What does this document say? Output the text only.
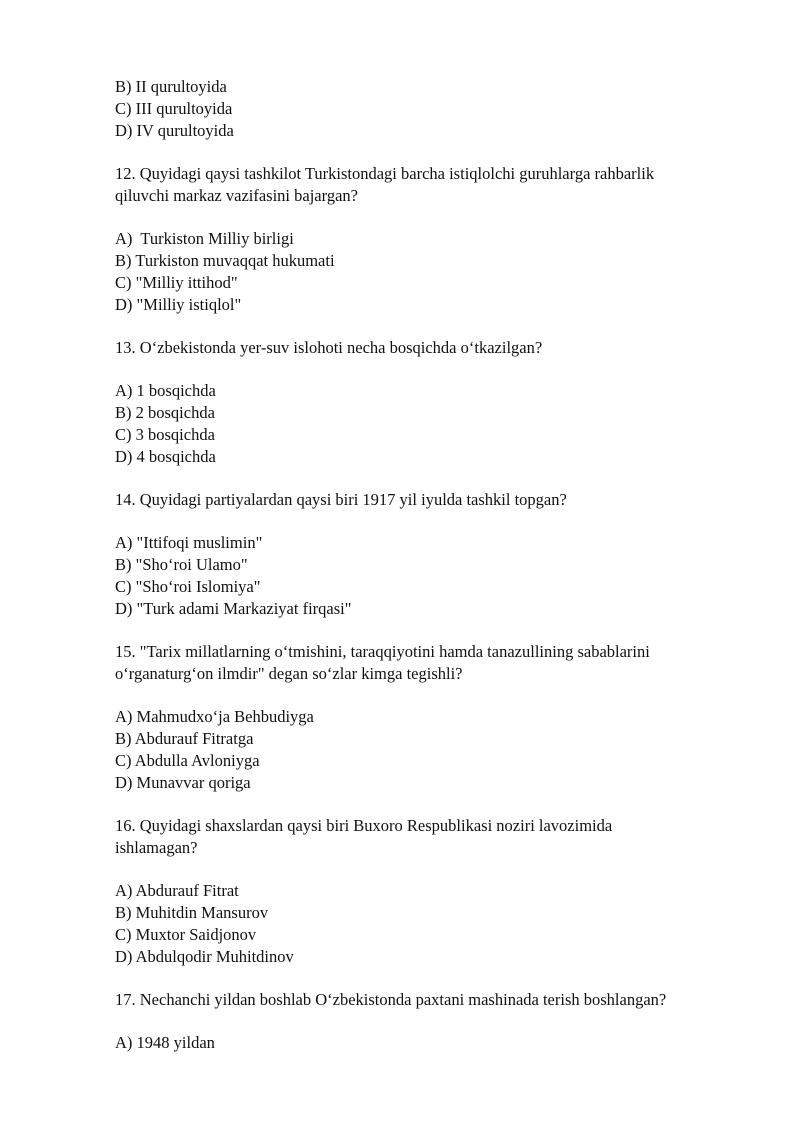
B) II qurultoyida
C) III qurultoyida
D) IV qurultoyida
12. Quyidagi qaysi tashkilot Turkistondagi barcha istiqlolchi guruhlarga rahbarlik
qiluvchi markaz vazifasini bajargan?
A)  Turkiston Milliy birligi
B) Turkiston muvaqqat hukumati
C) "Milliy ittihod"
D) "Milliy istiqlol"
13. O‘zbekistonda yer-suv islohoti necha bosqichda o‘tkazilgan?
A) 1 bosqichda
B) 2 bosqichda
C) 3 bosqichda
D) 4 bosqichda
14. Quyidagi partiyalardan qaysi biri 1917 yil iyulda tashkil topgan?
A) "Ittifoqi muslimin"
B) "Sho‘roi Ulamo"
C) "Sho‘roi Islomiya"
D) "Turk adami Markaziyat firqasi"
15. "Tarix millatlarning o‘tmishini, taraqqiyotini hamda tanazullining sabablarini
o‘rganaturg‘on ilmdir" degan so‘zlar kimga tegishli?
A) Mahmudxo‘ja Behbudiyga
B) Abdurauf Fitratga
C) Abdulla Avloniyga
D) Munavvar qoriga
16. Quyidagi shaxslardan qaysi biri Buxoro Respublikasi noziri lavozimida
ishlamagan?
A) Abdurauf Fitrat
B) Muhitdin Mansurov
C) Muxtor Saidjonov
D) Abdulqodir Muhitdinov
17. Nechanchi yildan boshlab O‘zbekistonda paxtani mashinada terish boshlangan?
A) 1948 yildan
